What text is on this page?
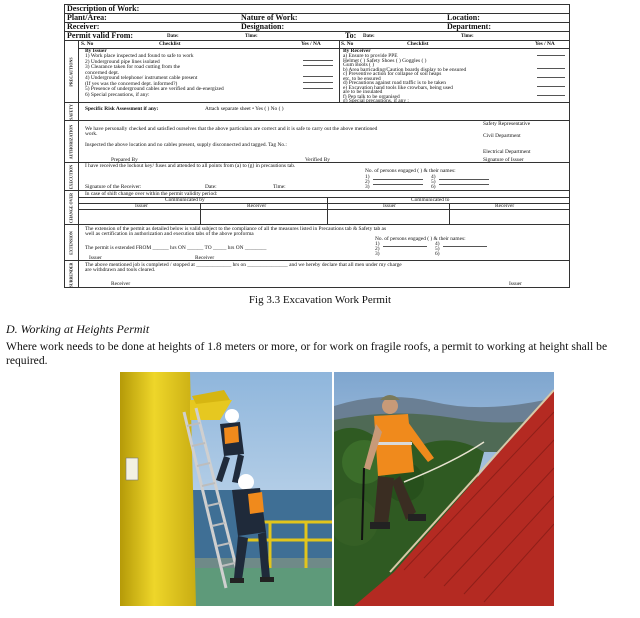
Description of Work:
Plant/Area:	Nature of Work:	Location:
Receiver:	Designation:	Department:
Permit valid From:	Date:	Time:	To: Date:	Time:
PRECAUTIONS
S. No	Checklist	Yes / NA	S. No	Checklist	Yes / NA
By Issuer
1) Work place inspected and found to safe to work
2) Underground pipe lines isolated
3) Clearance taken for road cutting from the
concerned dept.
4) Underground telephone/ instrument cable present
(If yes was the concerned dept. informed?)
5) Presence of underground cables are verified and de-energized
6) Special precautions, if any:
By Receiver
a) Ensure to provide PPE
Helmet ( ) Safety Shoes ( ) Goggles ( )
Gum Boots ( )
b) Area barricading/Caution boards display to be ensured
c) Preventive action for collapse of soil heaps
etc. to be ensured
d) Precautions against road traffic is to be taken
e) Excavation hand tools like crowbars, being used
are to be insulated
f) Pep talk to be organised
g) Special precautions, if any :
SAFETY Specific Risk Assessment if any:	Attach separate sheet • Yes ( ) No ( )
AUTHORIZATION
Safety Representative
We have personally checked and satisfied ourselves that the above particulars are correct and it is safe to carry out the above mentioned
work.	Civil Department
Inspected the above location and no cables present, supply disconnected and tagged. Tag No.:
Electrical Department
Prepared By	Verified By	Signature of Issuer
EXECUTION I have received the lockout key/ fuses and attended to all points from (a) to (g) in precautions tab.
No. of persons engaged ( ) & their names:
1)	4)
2)	5)
3)	6)
Signature of the Receiver:	Date:	Time:
CHANGE OVER In case of shift change over within the permit validity period:
Communicated by	Communicated to
Issuer	Receiver	Issuer	Receiver
EXTENSION
The extension of the permit as detailed below is valid subject to the compliance of all the measures listed in Precautions tab & Safety tab as
well as certification in authorization and execution tabs of the above proforma
No. of persons engaged ( ) & their names:
1)	4)
2)	5)
3)	6)
The permit is extended FROM ______ hrs ON ______ TO _____ hrs ON ________
Issuer	Receiver
SURRENDER The above mentioned job is completed / stopped at _____________ hrs on _______________ and we hereby declare that all men under my charge
are withdrawn and tools cleared.
Receiver	Issuer
Fig 3.3 Excavation Work Permit
D. Working at Heights Permit
Where work needs to be done at heights of 1.8 meters or more, or for work on fragile roofs, a permit to working at height shall be required.
